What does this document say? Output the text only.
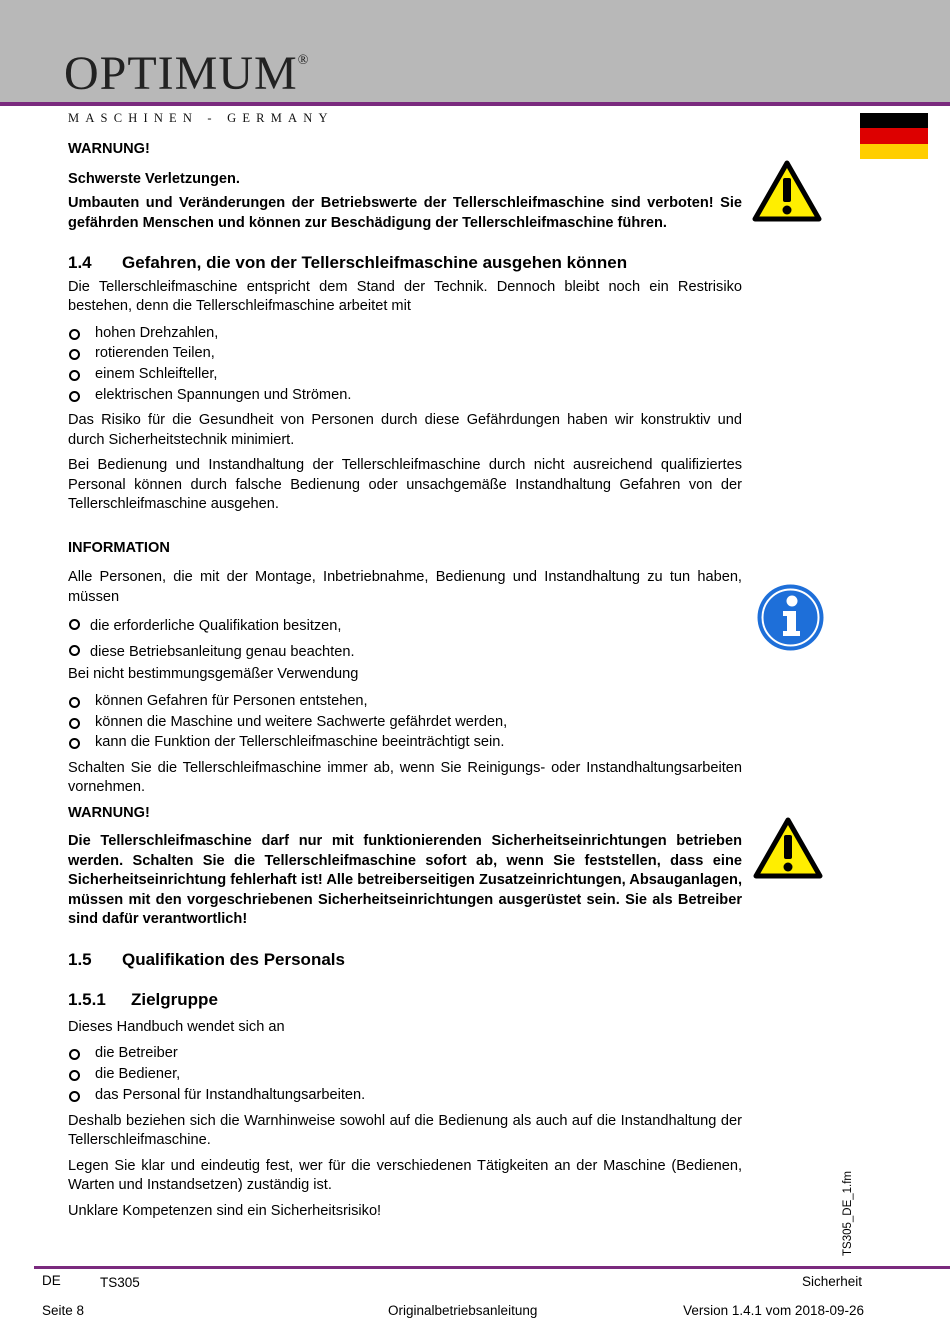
OPTIMUM®
MASCHINEN - GERMANY

WARNUNG!

Schwerste Verletzungen.

Umbauten und Veränderungen der Betriebswerte der Tellerschleifmaschine sind verboten! Sie gefährden Menschen und können zur Beschädigung der Tellerschleifmaschine führen.

1.4 Gefahren, die von der Tellerschleifmaschine ausgehen können

Die Tellerschleifmaschine entspricht dem Stand der Technik. Dennoch bleibt noch ein Restrisiko bestehen, denn die Tellerschleifmaschine arbeitet mit

hohen Drehzahlen,
rotierenden Teilen,
einem Schleifteller,
elektrischen Spannungen und Strömen.

Das Risiko für die Gesundheit von Personen durch diese Gefährdungen haben wir konstruktiv und durch Sicherheitstechnik minimiert.

Bei Bedienung und Instandhaltung der Tellerschleifmaschine durch nicht ausreichend qualifiziertes Personal können durch falsche Bedienung oder unsachgemäße Instandhaltung Gefahren von der Tellerschleifmaschine ausgehen.

INFORMATION

Alle Personen, die mit der Montage, Inbetriebnahme, Bedienung und Instandhaltung zu tun haben, müssen

die erforderliche Qualifikation besitzen,
diese Betriebsanleitung genau beachten.

Bei nicht bestimmungsgemäßer Verwendung

können Gefahren für Personen entstehen,
können die Maschine und weitere Sachwerte gefährdet werden,
kann die Funktion der Tellerschleifmaschine beeinträchtigt sein.

Schalten Sie die Tellerschleifmaschine immer ab, wenn Sie Reinigungs- oder Instandhaltungsarbeiten vornehmen.

WARNUNG!

Die Tellerschleifmaschine darf nur mit funktionierenden Sicherheitseinrichtungen betrieben werden. Schalten Sie die Tellerschleifmaschine sofort ab, wenn Sie feststellen, dass eine Sicherheitseinrichtung fehlerhaft ist! Alle betreiberseitigen Zusatzeinrichtungen, Absauganlagen, müssen mit den vorgeschriebenen Sicherheitseinrichtungen ausgerüstet sein. Sie als Betreiber sind dafür verantwortlich!

1.5 Qualifikation des Personals

1.5.1 Zielgruppe

Dieses Handbuch wendet sich an

die Betreiber
die Bediener,
das Personal für Instandhaltungsarbeiten.

Deshalb beziehen sich die Warnhinweise sowohl auf die Bedienung als auch auf die Instandhaltung der Tellerschleifmaschine.

Legen Sie klar und eindeutig fest, wer für die verschiedenen Tätigkeiten an der Maschine (Bedienen, Warten und Instandsetzen) zuständig ist.

Unklare Kompetenzen sind ein Sicherheitsrisiko!	TS305_DE_1.fm
DE	TS305	Sicherheit
Seite 8	Originalbetriebsanleitung	Version 1.4.1 vom 2018-09-26
